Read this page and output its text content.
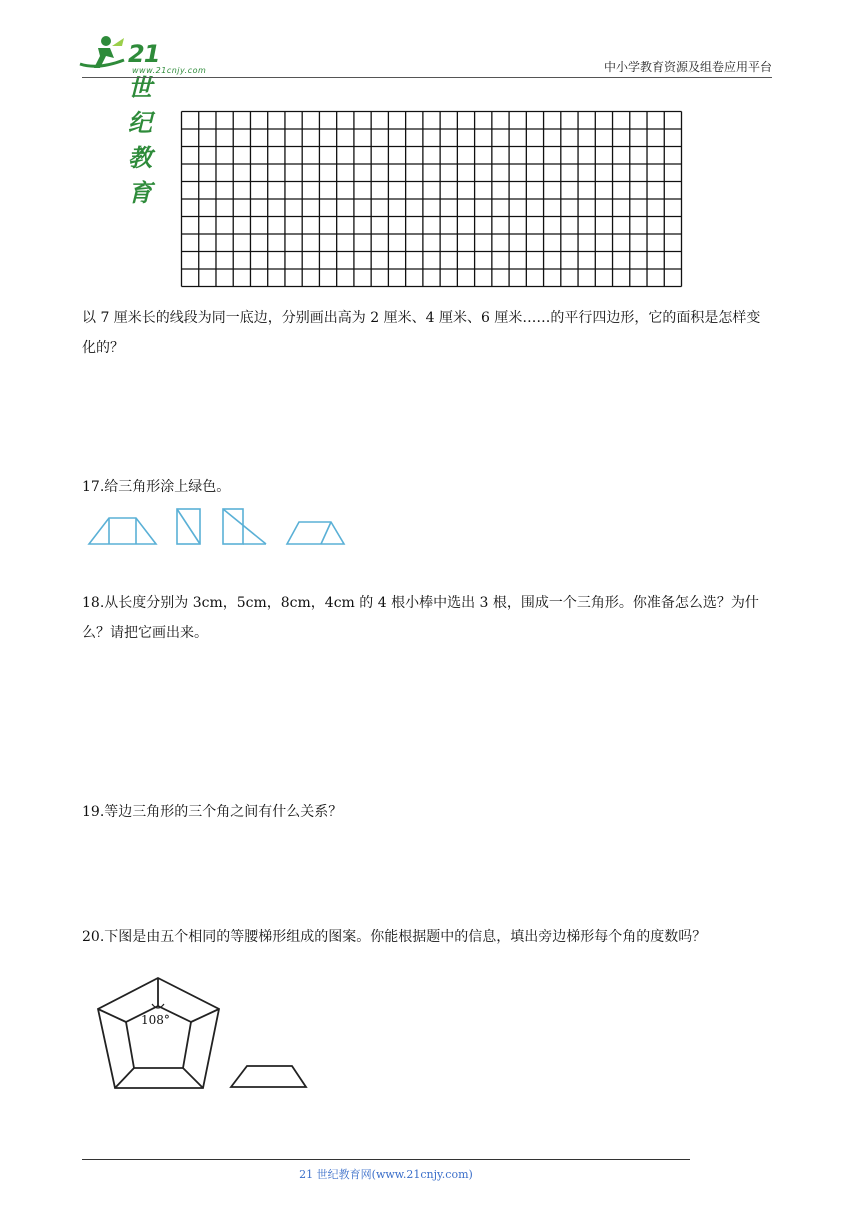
21世纪教育
www.21cnjy.com	中小学教育资源及组卷应用平台
以 7 厘米长的线段为同一底边，分别画出高为 2 厘米、4 厘米、6 厘米……的平行四边形，它的面积是怎样变化的？
17.给三角形涂上绿色。
18.从长度分别为 3cm，5cm，8cm，4cm 的 4 根小棒中选出 3 根，围成一个三角形。你准备怎么选？为什么？请把它画出来。
19.等边三角形的三个角之间有什么关系？
20.下图是由五个相同的等腰梯形组成的图案。你能根据题中的信息，填出旁边梯形每个角的度数吗？
108°
21 世纪教育网(www.21cnjy.com)
